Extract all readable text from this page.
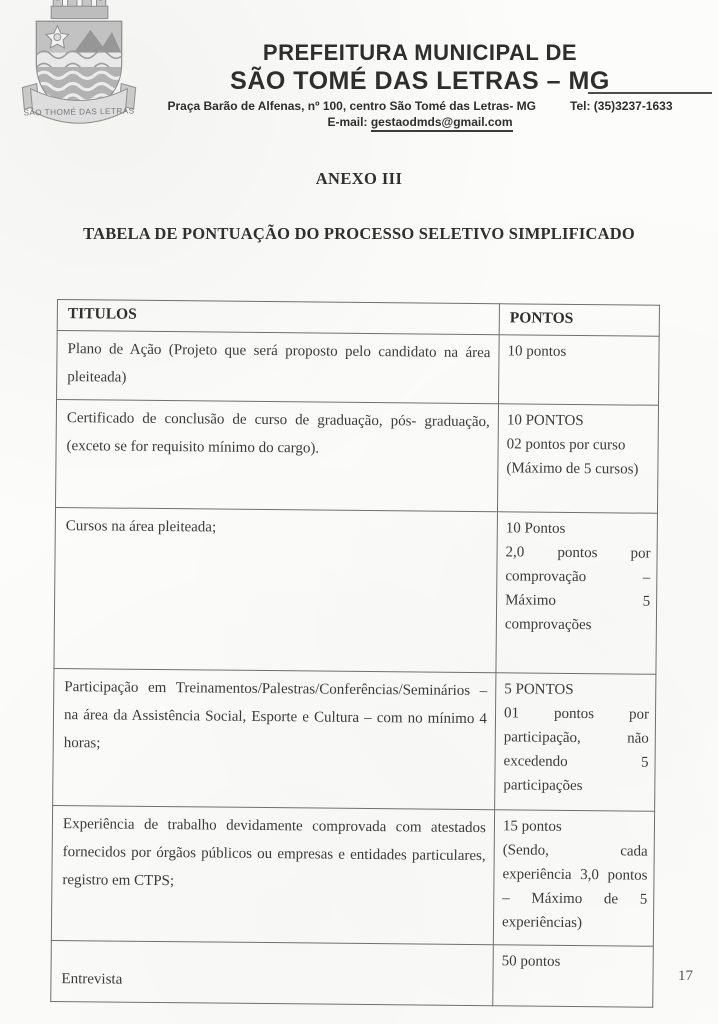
SÃO THOMÉ DAS LETRAS
PREFEITURA MUNICIPAL DE
SÃO TOMÉ DAS LETRAS – MG
Praça Barão de Alfenas, nº 100, centro São Tomé das Letras- MG	Tel: (35)3237-1633
E-mail: gestaodmds@gmail.com
ANEXO III
TABELA DE PONTUAÇÃO DO PROCESSO SELETIVO SIMPLIFICADO
TITULOS	PONTOS
Plano de Ação (Projeto que será proposto pelo candidato na área pleiteada)	10 pontos

Certificado de conclusão de curso de graduação, pós- graduação, (exceto se for requisito mínimo do cargo).	10 PONTOS
02 pontos por curso
(Máximo de 5 cursos)

Cursos na área pleiteada;	10 Pontos
2,0 pontos por comprovação – Máximo 5 comprovações

Participação em Treinamentos/Palestras/Conferências/Seminários – na área da Assistência Social, Esporte e Cultura – com no mínimo 4 horas;	5 PONTOS
01 pontos por participação, não excedendo 5 participações

Experiência de trabalho devidamente comprovada com atestados fornecidos por órgãos públicos ou empresas e entidades particulares, registro em CTPS;	15 pontos
(Sendo, cada experiência 3,0 pontos – Máximo de 5 experiências)

Entrevista	50 pontos
17
